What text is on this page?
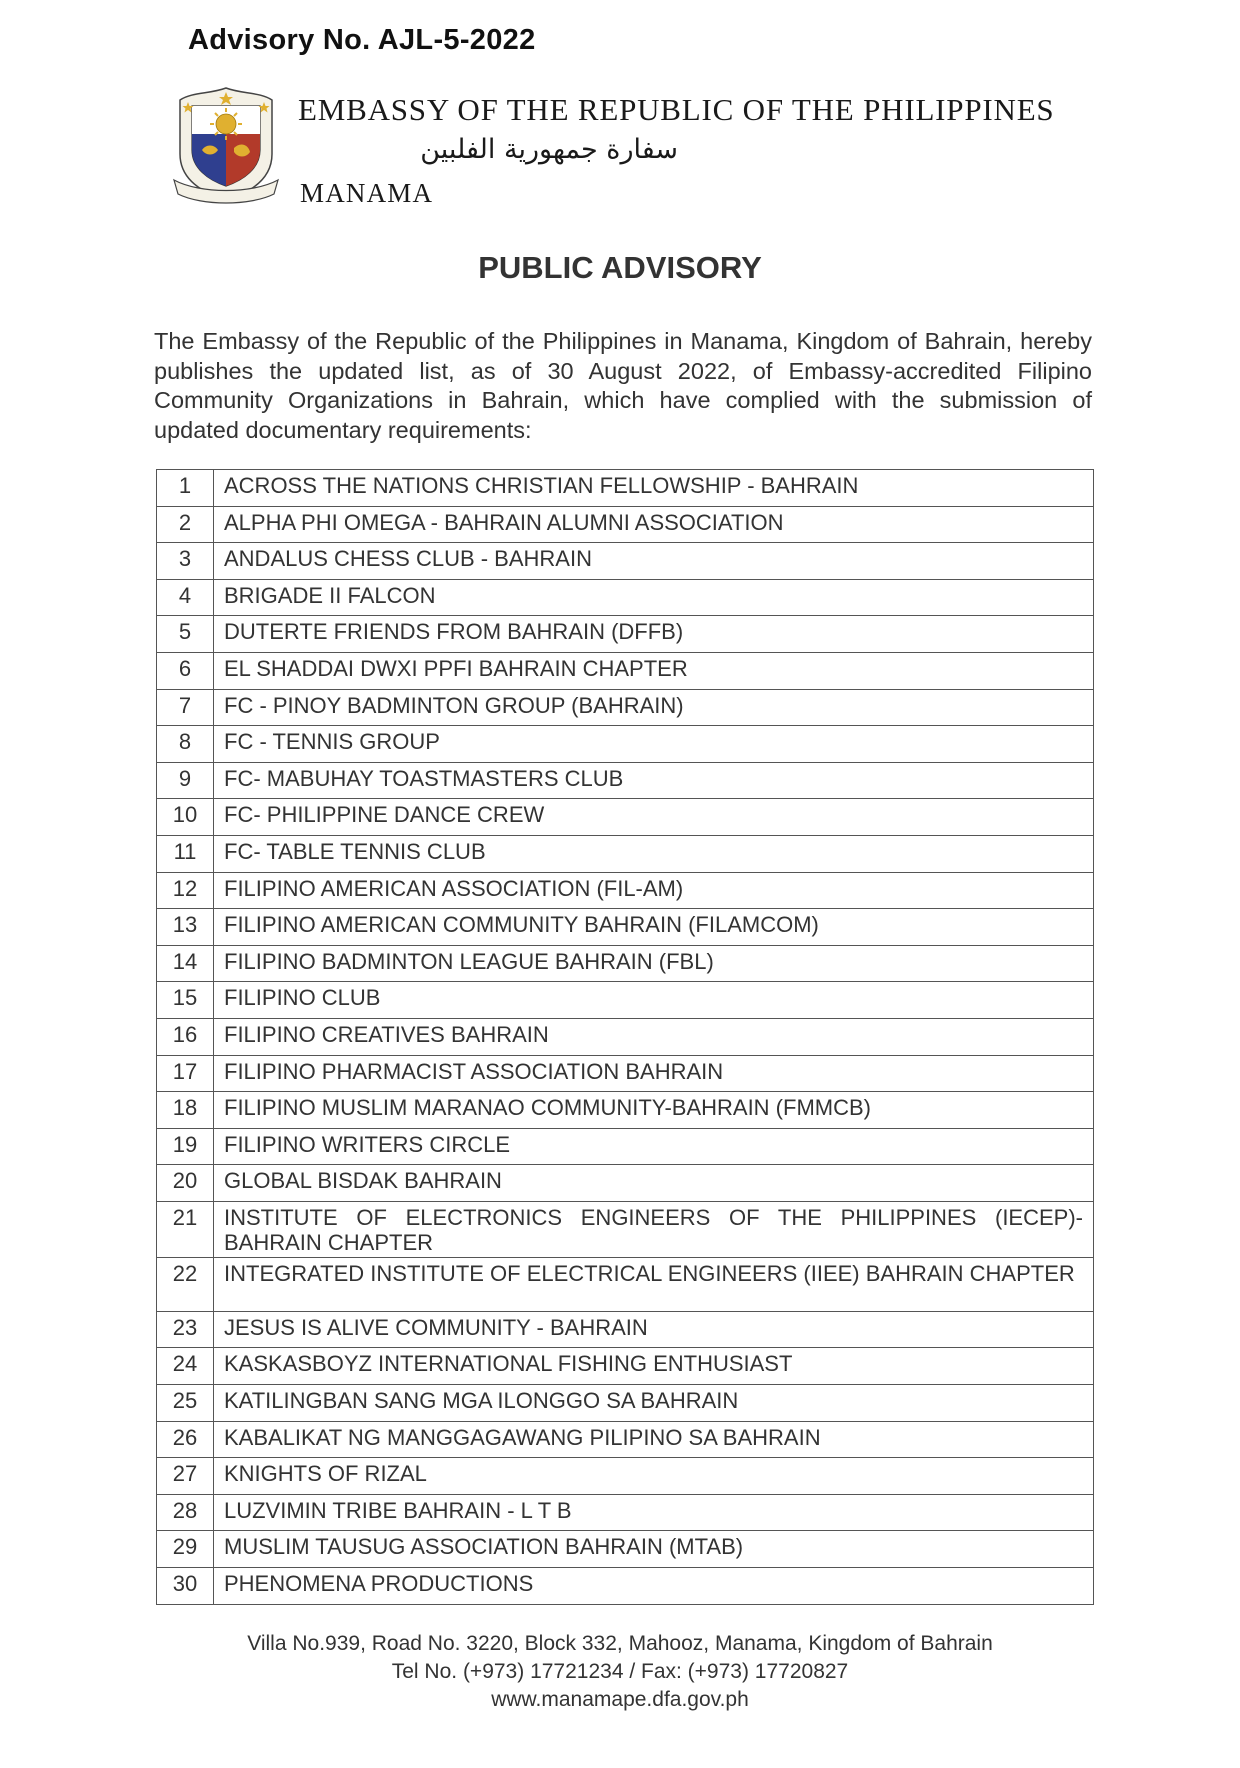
Advisory No. AJL-5-2022
EMBASSY OF THE REPUBLIC OF THE PHILIPPINES
سفارة جمهورية الفلبين
MANAMA
PUBLIC ADVISORY
The Embassy of the Republic of the Philippines in Manama, Kingdom of Bahrain, hereby publishes the updated list, as of 30 August 2022, of Embassy-accredited Filipino Community Organizations in Bahrain, which have complied with the submission of updated documentary requirements:
1	ACROSS THE NATIONS CHRISTIAN FELLOWSHIP - BAHRAIN
2	ALPHA PHI OMEGA - BAHRAIN ALUMNI ASSOCIATION
3	ANDALUS CHESS CLUB - BAHRAIN
4	BRIGADE II FALCON
5	DUTERTE FRIENDS FROM BAHRAIN (DFFB)
6	EL SHADDAI DWXI PPFI BAHRAIN CHAPTER
7	FC - PINOY BADMINTON GROUP (BAHRAIN)
8	FC - TENNIS GROUP
9	FC- MABUHAY TOASTMASTERS CLUB
10	FC- PHILIPPINE DANCE CREW
11	FC- TABLE TENNIS CLUB
12	FILIPINO AMERICAN ASSOCIATION (FIL-AM)
13	FILIPINO AMERICAN COMMUNITY BAHRAIN (FILAMCOM)
14	FILIPINO BADMINTON LEAGUE BAHRAIN (FBL)
15	FILIPINO CLUB
16	FILIPINO CREATIVES BAHRAIN
17	FILIPINO PHARMACIST ASSOCIATION BAHRAIN
18	FILIPINO MUSLIM MARANAO COMMUNITY-BAHRAIN (FMMCB)
19	FILIPINO WRITERS CIRCLE
20	GLOBAL BISDAK BAHRAIN
21	INSTITUTE OF ELECTRONICS ENGINEERS OF THE PHILIPPINES (IECEP)-BAHRAIN CHAPTER
22	INTEGRATED INSTITUTE OF ELECTRICAL ENGINEERS (IIEE) BAHRAIN CHAPTER
23	JESUS IS ALIVE COMMUNITY - BAHRAIN
24	KASKASBOYZ INTERNATIONAL FISHING ENTHUSIAST
25	KATILINGBAN SANG MGA ILONGGO SA BAHRAIN
26	KABALIKAT NG MANGGAGAWANG PILIPINO SA BAHRAIN
27	KNIGHTS OF RIZAL
28	LUZVIMIN TRIBE BAHRAIN - L T B
29	MUSLIM TAUSUG ASSOCIATION BAHRAIN (MTAB)
30	PHENOMENA PRODUCTIONS
Villa No.939, Road No. 3220, Block 332, Mahooz, Manama, Kingdom of Bahrain
Tel No. (+973) 17721234 / Fax: (+973) 17720827
www.manamape.dfa.gov.ph
